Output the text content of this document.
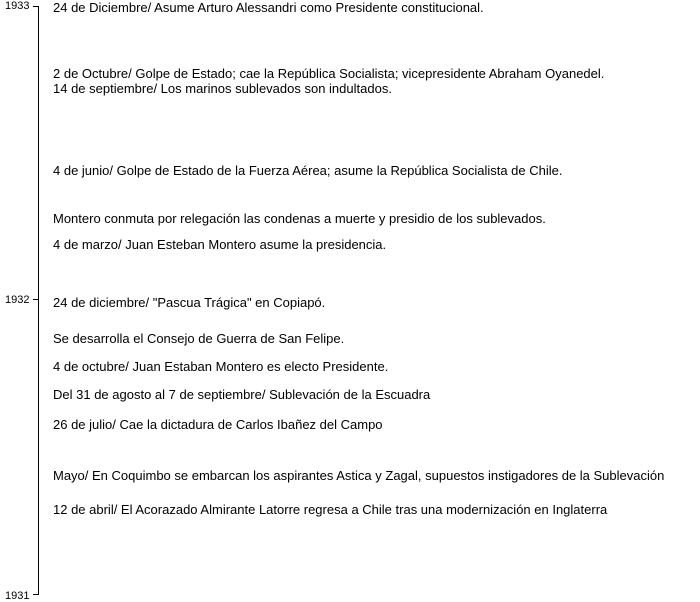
1933
1932
1931
24 de Diciembre/ Asume Arturo Alessandri como Presidente constitucional.
2 de Octubre/ Golpe de Estado; cae la República Socialista; vicepresidente Abraham Oyanedel.
14 de septiembre/ Los marinos sublevados son indultados.
4 de junio/ Golpe de Estado de la Fuerza Aérea; asume la República Socialista de Chile.
Montero conmuta por relegación las condenas a muerte y presidio de los sublevados.
4 de marzo/ Juan Esteban Montero asume la presidencia.
24 de diciembre/ "Pascua Trágica" en Copiapó.
Se desarrolla el Consejo de Guerra de San Felipe.
4 de octubre/ Juan Estaban Montero es electo Presidente.
Del 31 de agosto al 7 de septiembre/ Sublevación de la Escuadra
26 de julio/ Cae la dictadura de Carlos Ibañez del Campo
Mayo/ En Coquimbo se embarcan los aspirantes Astica y Zagal, supuestos instigadores de la Sublevación
12 de abril/ El Acorazado Almirante Latorre regresa a Chile tras una modernización en Inglaterra
